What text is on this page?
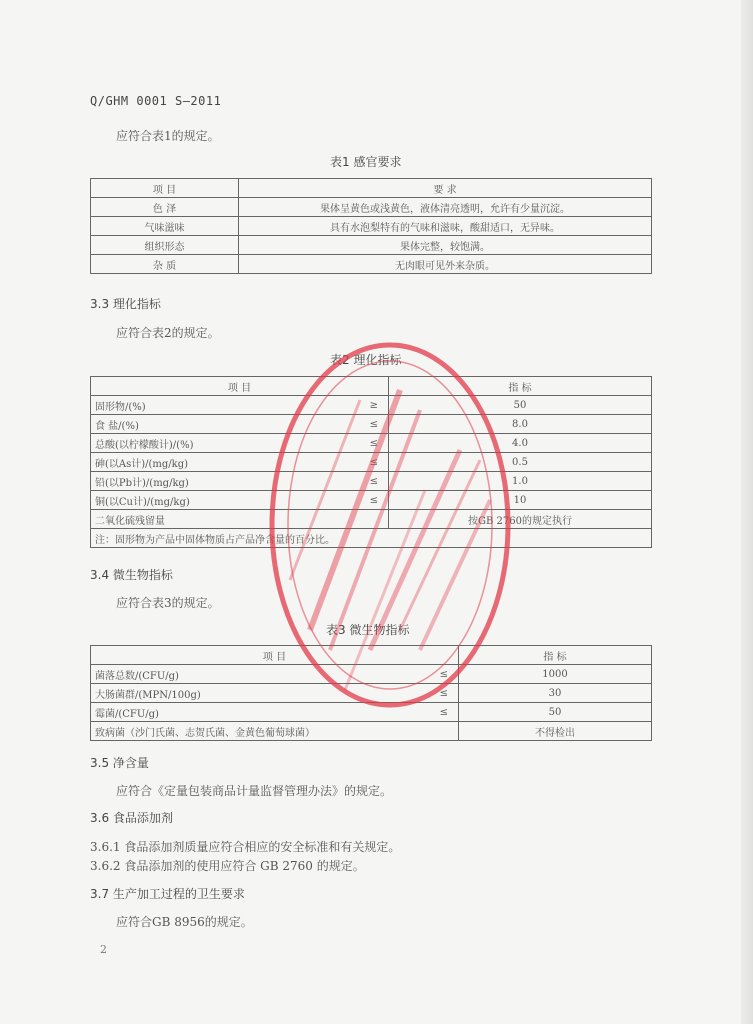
Q/GHM 0001 S—2011
应符合表1的规定。
表1 感官要求
项 目	要 求
色 泽	果体呈黄色或浅黄色，液体清亮透明，允许有少量沉淀。
气味滋味	具有水泡梨特有的气味和滋味，酸甜适口，无异味。
组织形态	果体完整，较饱满。
杂 质	无肉眼可见外来杂质。
3.3 理化指标
应符合表2的规定。
表2 理化指标
项 目		指 标
固形物/(%)	≥	50
食 盐/(%)	≤	8.0
总酸(以柠檬酸计)/(%)	≤	4.0
砷(以As计)/(mg/kg)	≤	0.5
铅(以Pb计)/(mg/kg)	≤	1.0
铜(以Cu计)/(mg/kg)	≤	10
二氧化硫残留量		按GB 2760的规定执行
注：固形物为产品中固体物质占产品净含量的百分比。		
3.4 微生物指标
应符合表3的规定。
表3 微生物指标
项 目		指 标
菌落总数/(CFU/g)	≤	1000
大肠菌群/(MPN/100g)	≤	30
霉菌/(CFU/g)	≤	50
致病菌（沙门氏菌、志贺氏菌、金黄色葡萄球菌）		不得检出
3.5 净含量
应符合《定量包装商品计量监督管理办法》的规定。
3.6 食品添加剂
3.6.1 食品添加剂质量应符合相应的安全标准和有关规定。
3.6.2 食品添加剂的使用应符合 GB 2760 的规定。
3.7 生产加工过程的卫生要求
应符合GB 8956的规定。
2
